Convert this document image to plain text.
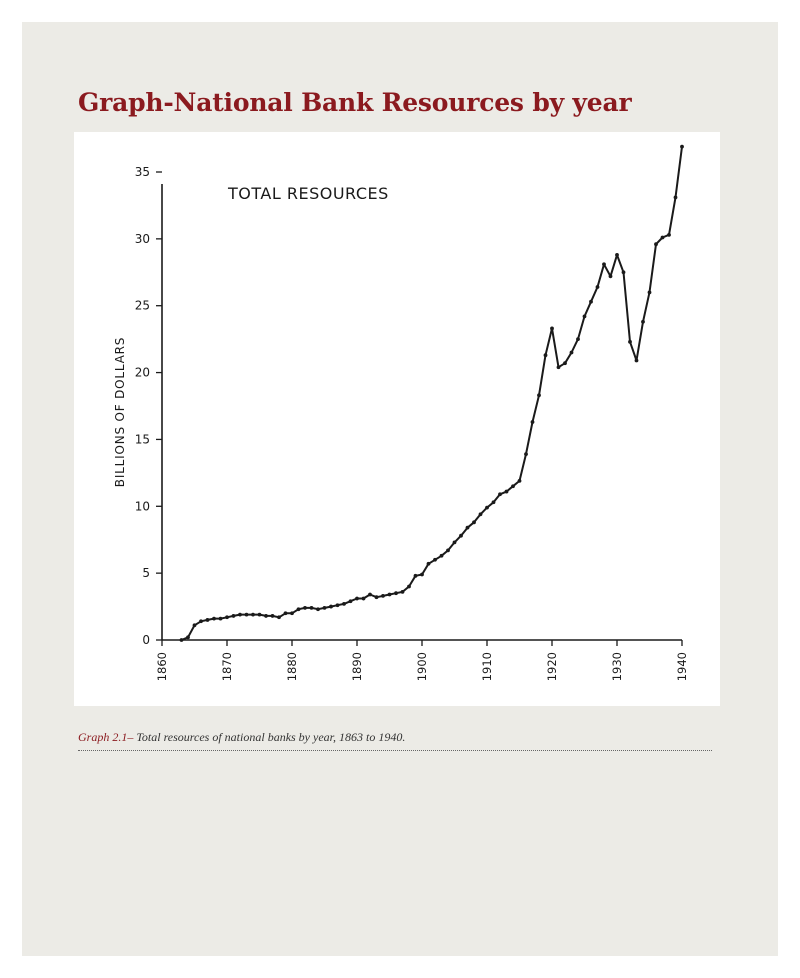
Graph-National Bank Resources by year
0
5
10
15
20
25
30
35
1860	1870	1880	1890	1900	1910	1920	1930	1940
BILLIONS OF DOLLARS
TOTAL RESOURCES
Graph 2.1– Total resources of national banks by year, 1863 to 1940.
